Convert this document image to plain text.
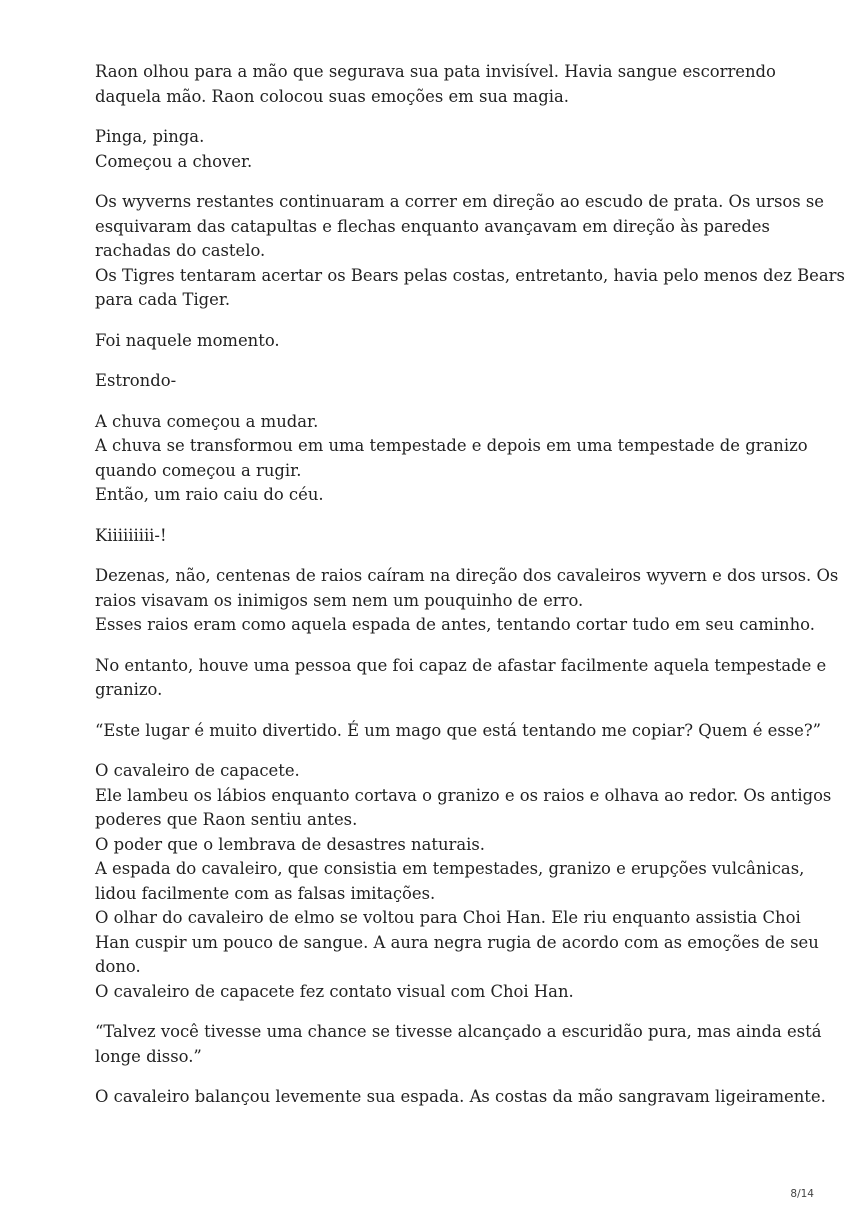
Raon olhou para a mão que segurava sua pata invisível. Havia sangue escorrendo
daquela mão. Raon colocou suas emoções em sua magia.
Pinga, pinga.
Começou a chover.
Os wyverns restantes continuaram a correr em direção ao escudo de prata. Os ursos se
esquivaram das catapultas e flechas enquanto avançavam em direção às paredes
rachadas do castelo.
Os Tigres tentaram acertar os Bears pelas costas, entretanto, havia pelo menos dez Bears
para cada Tiger.
Foi naquele momento.
Estrondo-
A chuva começou a mudar.
A chuva se transformou em uma tempestade e depois em uma tempestade de granizo
quando começou a rugir.
Então, um raio caiu do céu.
Kiiiiiiiii-!
Dezenas, não, centenas de raios caíram na direção dos cavaleiros wyvern e dos ursos. Os
raios visavam os inimigos sem nem um pouquinho de erro.
Esses raios eram como aquela espada de antes, tentando cortar tudo em seu caminho.
No entanto, houve uma pessoa que foi capaz de afastar facilmente aquela tempestade e
granizo.
“Este lugar é muito divertido. É um mago que está tentando me copiar? Quem é esse?”
O cavaleiro de capacete.
Ele lambeu os lábios enquanto cortava o granizo e os raios e olhava ao redor. Os antigos
poderes que Raon sentiu antes.
O poder que o lembrava de desastres naturais.
A espada do cavaleiro, que consistia em tempestades, granizo e erupções vulcânicas,
lidou facilmente com as falsas imitações.
O olhar do cavaleiro de elmo se voltou para Choi Han. Ele riu enquanto assistia Choi
Han cuspir um pouco de sangue. A aura negra rugia de acordo com as emoções de seu
dono.
O cavaleiro de capacete fez contato visual com Choi Han.
“Talvez você tivesse uma chance se tivesse alcançado a escuridão pura, mas ainda está
longe disso.”
O cavaleiro balançou levemente sua espada. As costas da mão sangravam ligeiramente.
8/14
